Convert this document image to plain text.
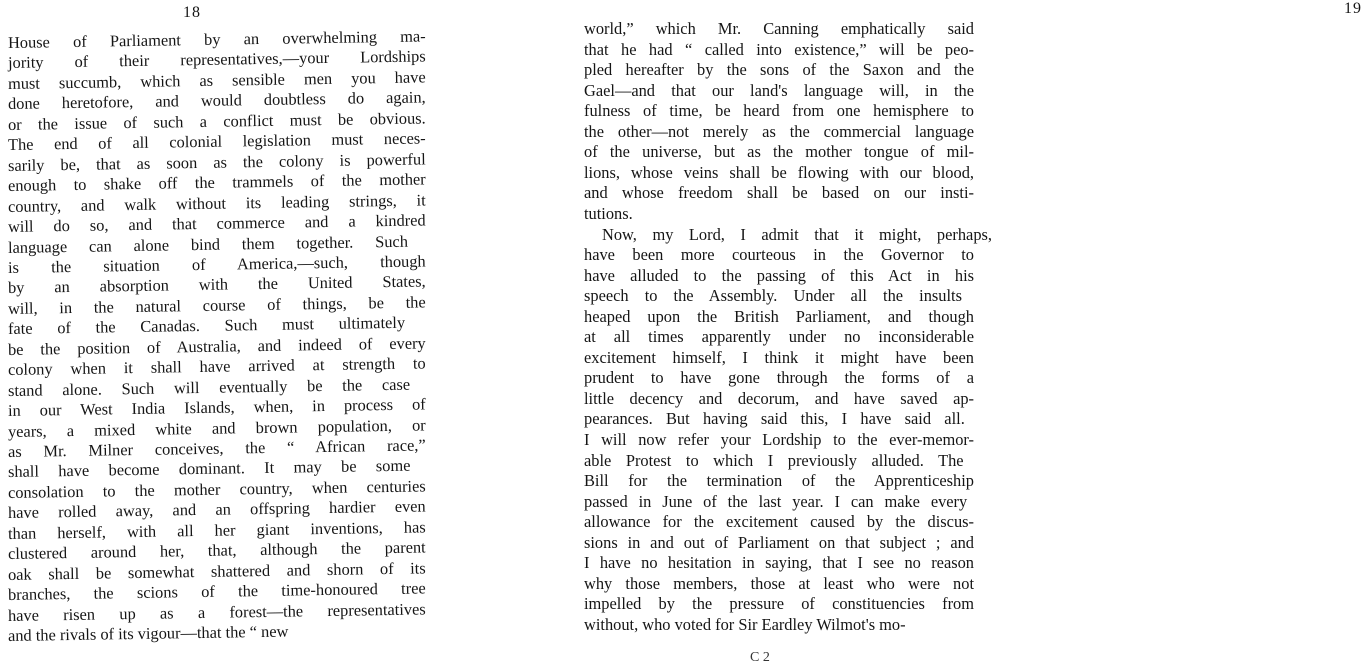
18
House of Parliament by an overwhelming ma-
jority of their representatives,—your Lordships
must succumb, which as sensible men you have
done heretofore, and would doubtless do again,
or the issue of such a conflict must be obvious.
The end of all colonial legislation must neces-
sarily be, that as soon as the colony is powerful
enough to shake off the trammels of the mother
country, and walk without its leading strings, it
will do so, and that commerce and a kindred
language can alone bind them together. Such
is the situation of America,—such, though
by an absorption with the United States,
will, in the natural course of things, be the
fate of the Canadas. Such must ultimately
be the position of Australia, and indeed of every
colony when it shall have arrived at strength to
stand alone. Such will eventually be the case
in our West India Islands, when, in process of
years, a mixed white and brown population, or
as Mr. Milner conceives, the “ African race,”
shall have become dominant. It may be some
consolation to the mother country, when centuries
have rolled away, and an offspring hardier even
than herself, with all her giant inventions, has
clustered around her, that, although the parent
oak shall be somewhat shattered and shorn of its
branches, the scions of the time-honoured tree
have risen up as a forest—the representatives
and the rivals of its vigour—that the “ new
19
world,” which Mr. Canning emphatically said
that he had “ called into existence,” will be peo-
pled hereafter by the sons of the Saxon and the
Gael—and that our land's language will, in the
fulness of time, be heard from one hemisphere to
the other—not merely as the commercial language
of the universe, but as the mother tongue of mil-
lions, whose veins shall be flowing with our blood,
and whose freedom shall be based on our insti-
tutions.
Now, my Lord, I admit that it might, perhaps,
have been more courteous in the Governor to
have alluded to the passing of this Act in his
speech to the Assembly. Under all the insults
heaped upon the British Parliament, and though
at all times apparently under no inconsiderable
excitement himself, I think it might have been
prudent to have gone through the forms of a
little decency and decorum, and have saved ap-
pearances. But having said this, I have said all.
I will now refer your Lordship to the ever-memor-
able Protest to which I previously alluded. The
Bill for the termination of the Apprenticeship
passed in June of the last year. I can make every
allowance for the excitement caused by the discus-
sions in and out of Parliament on that subject ; and
I have no hesitation in saying, that I see no reason
why those members, those at least who were not
impelled by the pressure of constituencies from
without, who voted for Sir Eardley Wilmot's mo-
C 2
